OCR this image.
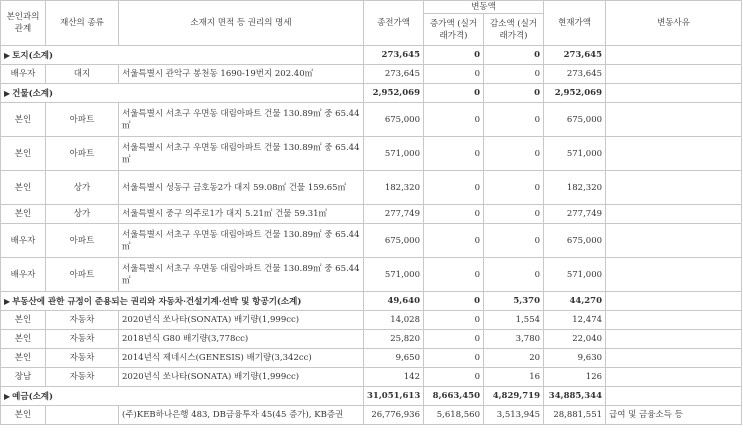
본인과의 관계	재산의 종류	소재지 면적 등 권리의 명세	종전가액	변동액		현재가액	변동사유
				증가액 (실거래가격)	감소액 (실거래가격)		
▶ 토지(소계)			273,645	0	0	273,645	
배우자	대지	서울특별시 관악구 봉천동 1690-19번지 202.40㎡	273,645	0	0	273,645	
▶ 건물(소계)			2,952,069	0	0	2,952,069	
본인	아파트	서울특별시 서초구 우면동 대림아파트 건물 130.89㎡ 중 65.44㎡	675,000	0	0	675,000	
본인	아파트	서울특별시 서초구 우면동 대림아파트 건물 130.89㎡ 중 65.44㎡	571,000	0	0	571,000	
본인	상가	서울특별시 성동구 금호동2가 대지 59.08㎡ 건물 159.65㎡	182,320	0	0	182,320	
본인	상가	서울특별시 중구 의주로1가 대지 5.21㎡ 건물 59.31㎡	277,749	0	0	277,749	
배우자	아파트	서울특별시 서초구 우면동 대림아파트 건물 130.89㎡ 중 65.44㎡	675,000	0	0	675,000	
배우자	아파트	서울특별시 서초구 우면동 대림아파트 건물 130.89㎡ 중 65.44㎡	571,000	0	0	571,000	
▶ 부동산에 관한 규정이 준용되는 권리와 자동차·건설기계·선박 및 항공기(소계)			49,640	0	5,370	44,270	
본인	자동차	2020년식 쏘나타(SONATA) 배기량(1,999cc)	14,028	0	1,554	12,474	
본인	자동차	2018년식 G80 배기량(3,778cc)	25,820	0	3,780	22,040	
본인	자동차	2014년식 제네시스(GENESIS) 배기량(3,342cc)	9,650	0	20	9,630	
장남	자동차	2020년식 쏘나타(SONATA) 배기량(1,999cc)	142	0	16	126	
▶ 예금(소계)			31,051,613	8,663,450	4,829,719	34,885,344	
본인		(주)KEB하나은행 483, DB금융투자 45(45 증가), KB증권	26,776,936	5,618,560	3,513,945	28,881,551	급여 및 금융소득 등
